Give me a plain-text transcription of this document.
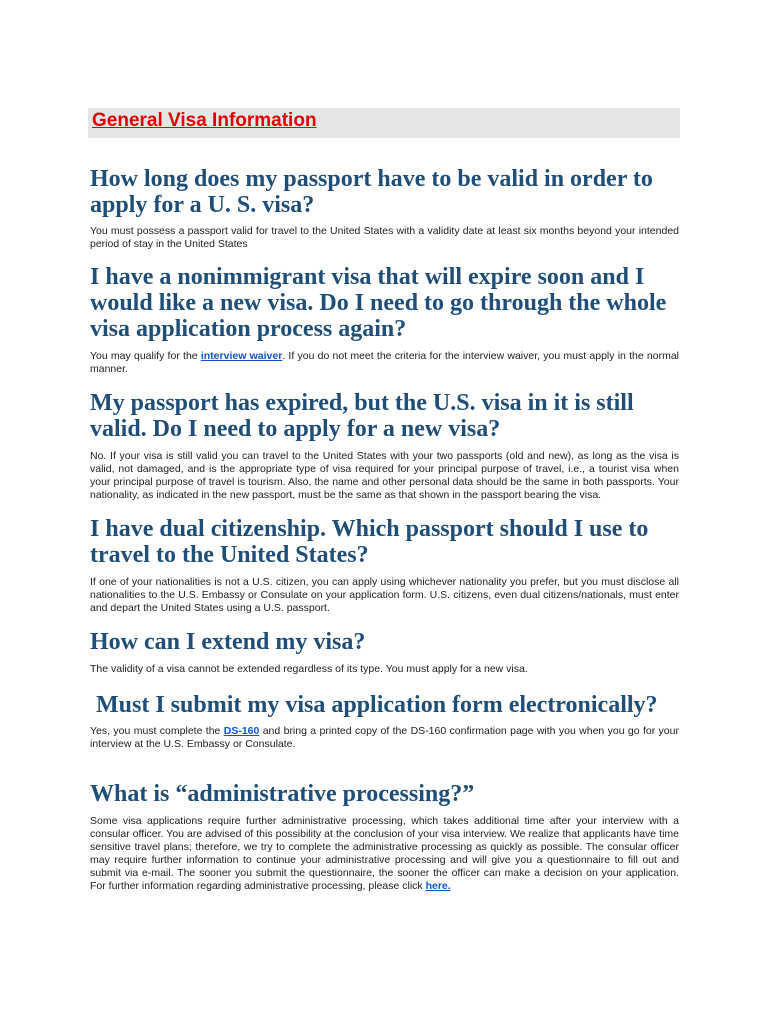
General Visa Information
How long does my passport have to be valid in order to apply for a U. S. visa?

You must possess a passport valid for travel to the United States with a validity date at least six months beyond your intended period of stay in the United States

I have a nonimmigrant visa that will expire soon and I would like a new visa. Do I need to go through the whole visa application process again?

You may qualify for the interview waiver. If you do not meet the criteria for the interview waiver, you must apply in the normal manner.

My passport has expired, but the U.S. visa in it is still valid. Do I need to apply for a new visa?

No. If your visa is still valid you can travel to the United States with your two passports (old and new), as long as the visa is valid, not damaged, and is the appropriate type of visa required for your principal purpose of travel, i.e., a tourist visa when your principal purpose of travel is tourism. Also, the name and other personal data should be the same in both passports. Your nationality, as indicated in the new passport, must be the same as that shown in the passport bearing the visa.

I have dual citizenship. Which passport should I use to travel to the United States?

If one of your nationalities is not a U.S. citizen, you can apply using whichever nationality you prefer, but you must disclose all nationalities to the U.S. Embassy or Consulate on your application form. U.S. citizens, even dual citizens/nationals, must enter and depart the United States using a U.S. passport.

How can I extend my visa?

The validity of a visa cannot be extended regardless of its type. You must apply for a new visa.

Must I submit my visa application form electronically?

Yes, you must complete the DS-160 and bring a printed copy of the DS-160 confirmation page with you when you go for your interview at the U.S. Embassy or Consulate.

What is “administrative processing?”

Some visa applications require further administrative processing, which takes additional time after your interview with a consular officer. You are advised of this possibility at the conclusion of your visa interview. We realize that applicants have time sensitive travel plans; therefore, we try to complete the administrative processing as quickly as possible. The consular officer may require further information to continue your administrative processing and will give you a questionnaire to fill out and submit via e-mail. The sooner you submit the questionnaire, the sooner the officer can make a decision on your application. For further information regarding administrative processing, please click here.
